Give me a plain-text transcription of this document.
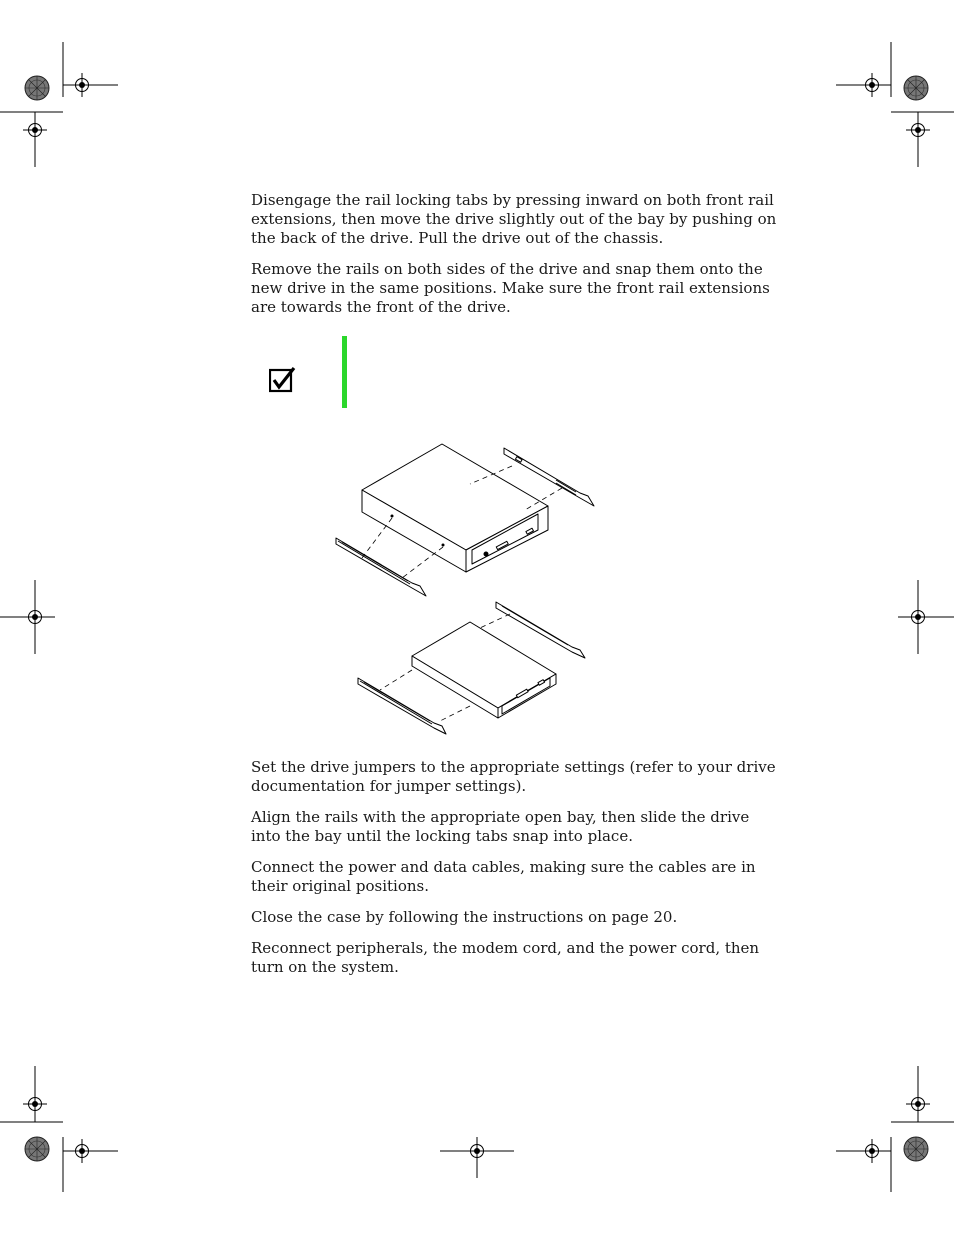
Disengage the rail locking tabs by pressing inward on both front rail extensions, then move the drive slightly out of the bay by pushing on the back of the drive. Pull the drive out of the chassis.

Remove the rails on both sides of the drive and snap them onto the new drive in the same positions. Make sure the front rail extensions are towards the front of the drive.

Set the drive jumpers to the appropriate settings (refer to your drive documentation for jumper settings).

Align the rails with the appropriate open bay, then slide the drive into the bay until the locking tabs snap into place.

Connect the power and data cables, making sure the cables are in their original positions.

Close the case by following the instructions on page 20.

Reconnect peripherals, the modem cord, and the power cord, then turn on the system.
